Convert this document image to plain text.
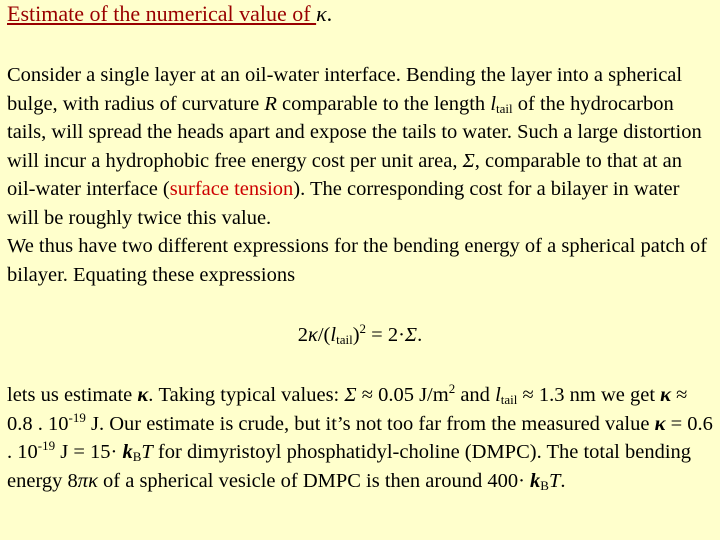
Estimate of the numerical value of κ.

Consider a single layer at an oil-water interface. Bending the layer into a spherical bulge, with radius of curvature R comparable to the length $l_{tail}$ of the hydrocarbon tails, will spread the heads apart and expose the tails to water. Such a large distortion will incur a hydrophobic free energy cost per unit area, Σ, comparable to that at an oil-water interface (surface tension). The corresponding cost for a bilayer in water will be roughly twice this value.
We thus have two different expressions for the bending energy of a spherical patch of bilayer. Equating these expressions

$2\kappa/(l_{tail})^2 = 2\cdot\Sigma$.

lets us estimate κ. Taking typical values: Σ ≈ 0.05 $J/m^2$ and $l_{tail} \approx 1.3$ nm we get κ ≈ 0.8 . $10^{-19}$ J. Our estimate is crude, but it’s not too far from the measured value κ = 0.6 . $10^{-19}$ $J = 15\cdot k_BT$ for dimyristoyl phosphatidyl-choline (DMPC). The total bending energy 8πκ of a spherical vesicle of DMPC is then around $400\cdot k_BT$.
